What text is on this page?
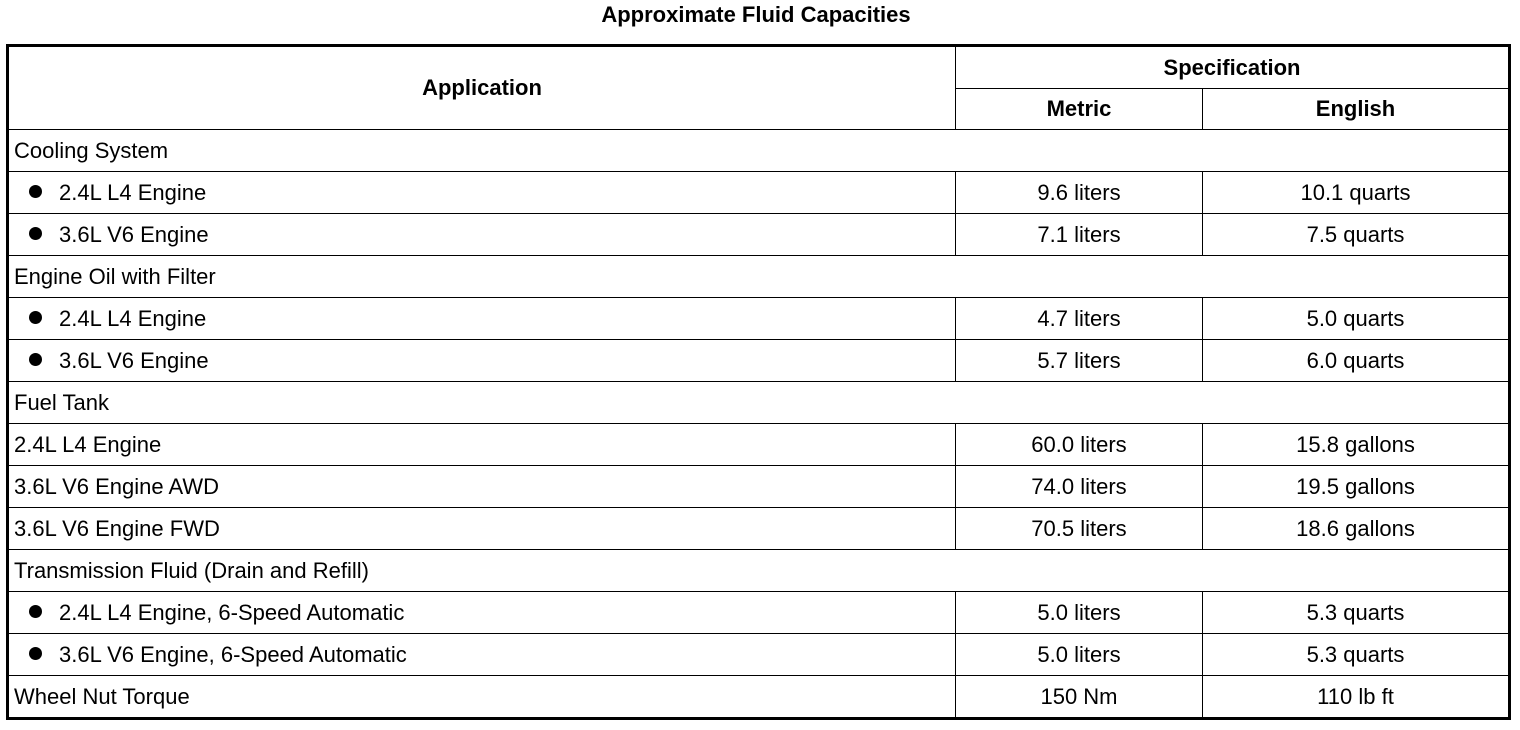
Approximate Fluid Capacities
Application	Specification	
	Metric	English
Cooling System		
2.4L L4 Engine	9.6 liters	10.1 quarts
3.6L V6 Engine	7.1 liters	7.5 quarts
Engine Oil with Filter		
2.4L L4 Engine	4.7 liters	5.0 quarts
3.6L V6 Engine	5.7 liters	6.0 quarts
Fuel Tank		
2.4L L4 Engine	60.0 liters	15.8 gallons
3.6L V6 Engine AWD	74.0 liters	19.5 gallons
3.6L V6 Engine FWD	70.5 liters	18.6 gallons
Transmission Fluid (Drain and Refill)		
2.4L L4 Engine, 6-Speed Automatic	5.0 liters	5.3 quarts
3.6L V6 Engine, 6-Speed Automatic	5.0 liters	5.3 quarts
Wheel Nut Torque	150 Nm	110 lb ft
